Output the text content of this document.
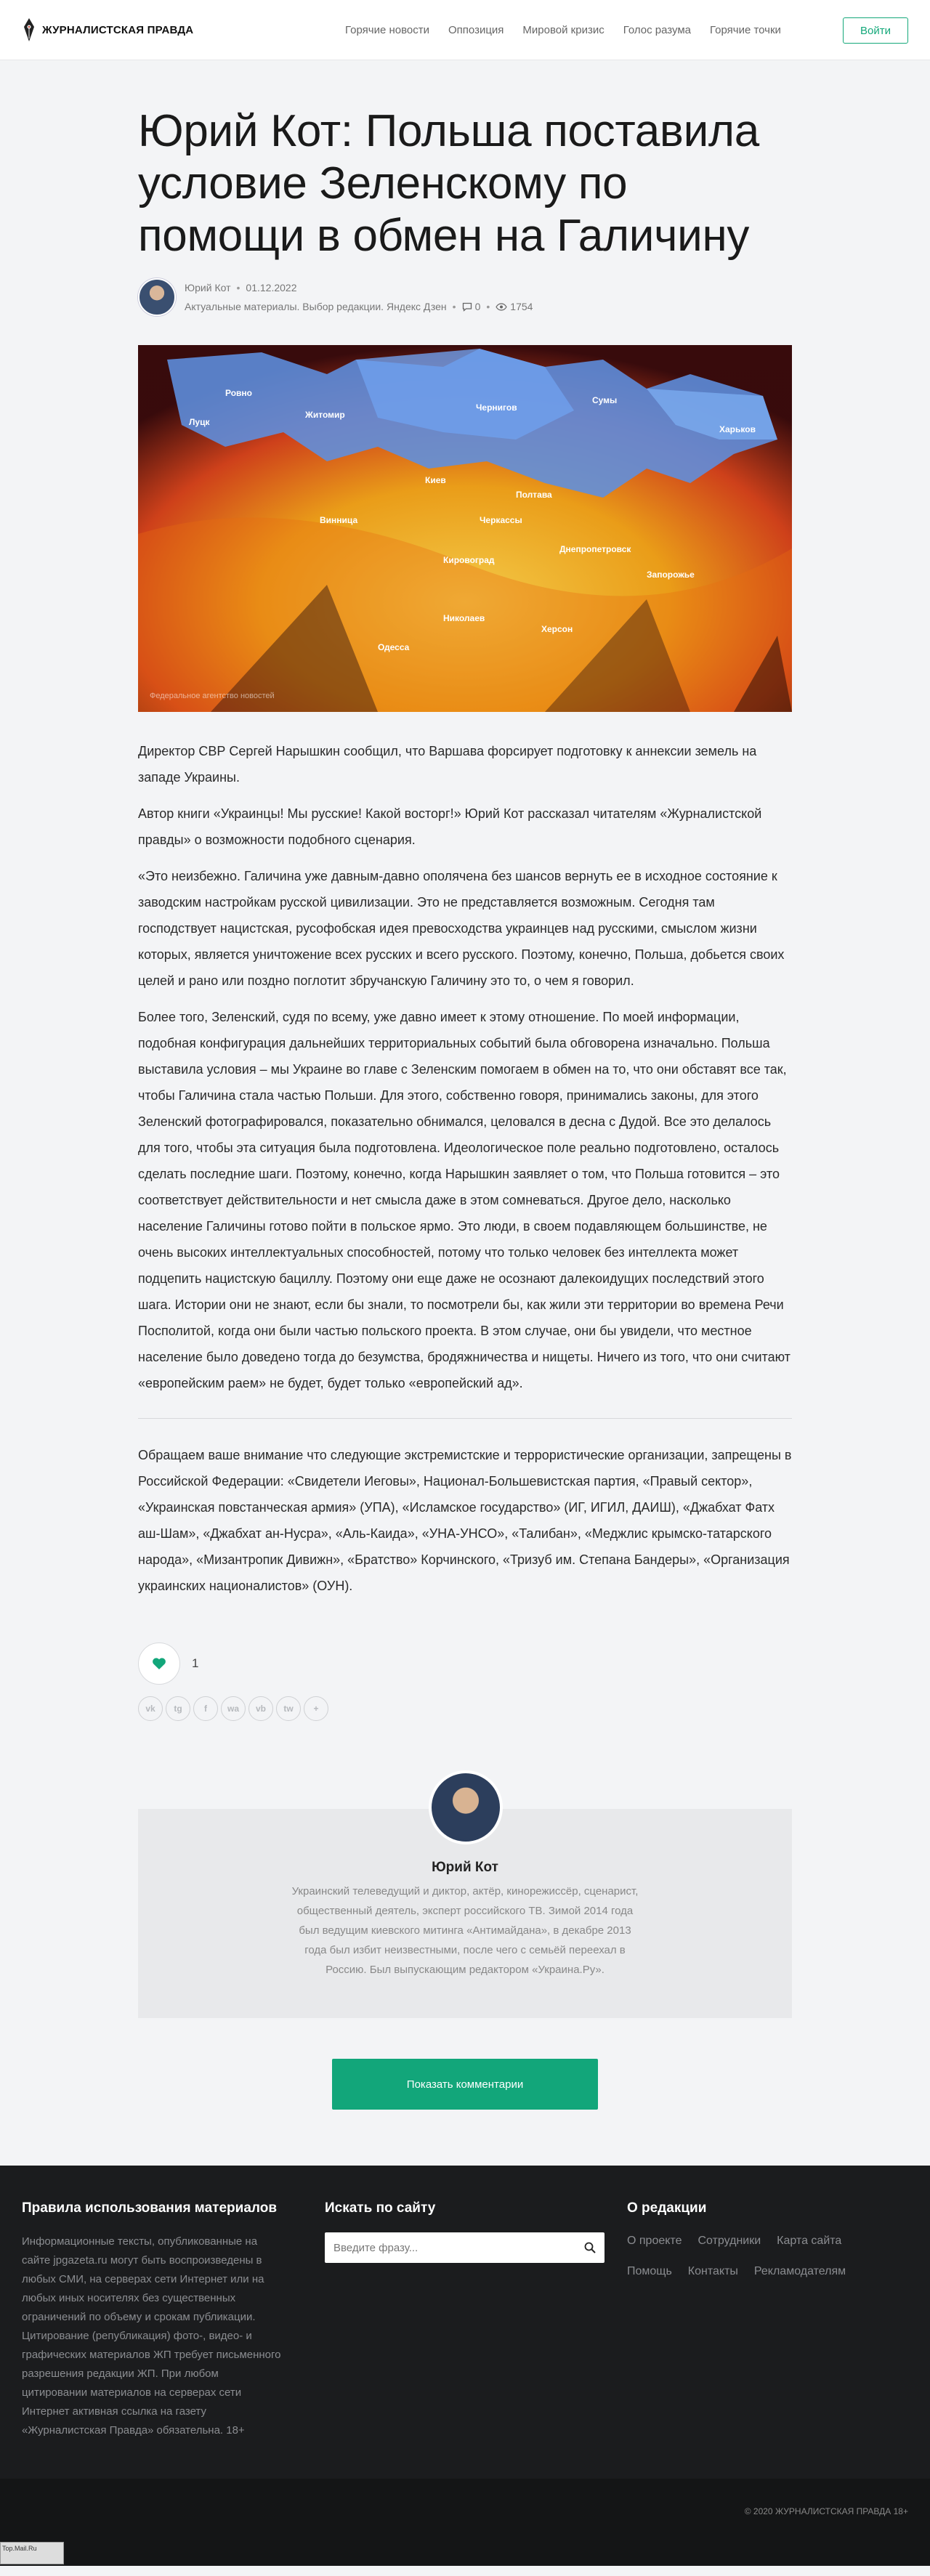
ЖУРНАЛИСТСКАЯ ПРАВДА	Горячие новости Оппозиция Мировой кризис Голос разума Горячие точки	Войти
Юрий Кот: Польша поставила условие Зеленскому по помощи в обмен на Галичину
Юрий Кот • 01.12.2022
Актуальные материалы. Выбор редакции. Яндекс Дзен • 0 • 1754
Луцк
Ровно
Житомир
Чернигов
Сумы
Харьков
Киев
Полтава
Черкассы
Винница
Кировоград
Днепропетровск
Запорожье
Николаев
Херсон
Одесса
Федеральное агентство новостей

Директор СВР Сергей Нарышкин сообщил, что Варшава форсирует подготовку к аннексии земель на западе Украины.

Автор книги «Украинцы! Мы русские! Какой восторг!» Юрий Кот рассказал читателям «Журналистской правды» о возможности подобного сценария.

«Это неизбежно. Галичина уже давным-давно ополячена без шансов вернуть ее в исходное состояние к заводским настройкам русской цивилизации. Это не представляется возможным. Сегодня там господствует нацистская, русофобская идея превосходства украинцев над русскими, смыслом жизни которых, является уничтожение всех русских и всего русского. Поэтому, конечно, Польша, добьется своих целей и рано или поздно поглотит збручанскую Галичину это то, о чем я говорил.

Более того, Зеленский, судя по всему, уже давно имеет к этому отношение. По моей информации, подобная конфигурация дальнейших территориальных событий была обговорена изначально. Польша выставила условия – мы Украине во главе с Зеленским помогаем в обмен на то, что они обставят все так, чтобы Галичина стала частью Польши. Для этого, собственно говоря, принимались законы, для этого Зеленский фотографировался, показательно обнимался, целовался в десна с Дудой. Все это делалось для того, чтобы эта ситуация была подготовлена. Идеологическое поле реально подготовлено, осталось сделать последние шаги. Поэтому, конечно, когда Нарышкин заявляет о том, что Польша готовится – это соответствует действительности и нет смысла даже в этом сомневаться. Другое дело, насколько население Галичины готово пойти в польское ярмо. Это люди, в своем подавляющем большинстве, не очень высоких интеллектуальных способностей, потому что только человек без интеллекта может подцепить нацистскую бациллу. Поэтому они еще даже не осознают далекоидущих последствий этого шага. Истории они не знают, если бы знали, то посмотрели бы, как жили эти территории во времена Речи Посполитой, когда они были частью польского проекта. В этом случае, они бы увидели, что местное население было доведено тогда до безумства, бродяжничества и нищеты. Ничего из того, что они считают «европейским раем» не будет, будет только «европейский ад».

Обращаем ваше внимание что следующие экстремистские и террористические организации, запрещены в Российской Федерации: «Свидетели Иеговы», Национал-Большевистская партия, «Правый сектор», «Украинская повстанческая армия» (УПА), «Исламское государство» (ИГ, ИГИЛ, ДАИШ), «Джабхат Фатх аш-Шам», «Джабхат ан-Нусра», «Аль-Каида», «УНА-УНСО», «Талибан», «Меджлис крымско-татарского народа», «Мизантропик Дивижн», «Братство» Корчинского, «Тризуб им. Степана Бандеры», «Организация украинских националистов» (ОУН).

1
vk	tg	f	wa	vb	tw	+
Юрий Кот
Украинский телеведущий и диктор, актёр, кинорежиссёр, сценарист, общественный деятель, эксперт российского ТВ. Зимой 2014 года был ведущим киевского митинга «Антимайдана», в декабре 2013 года был избит неизвестными, после чего с семьёй переехал в Россию. Был выпускающим редактором «Украина.Ру».
Показать комментарии
Правила использования материалов
Информационные тексты, опубликованные на сайте jpgazeta.ru могут быть воспроизведены в любых СМИ, на серверах сети Интернет или на любых иных носителях без существенных ограничений по объему и срокам публикации. Цитирование (републикация) фото-, видео- и графических материалов ЖП требует письменного разрешения редакции ЖП. При любом цитировании материалов на серверах сети Интернет активная ссылка на газету «Журналистская Правда» обязательна. 18+
Искать по сайту
Введите фразу...	О редакции
О проекте Сотрудники Карта сайта
Помощь Контакты Рекламодателям
© 2020 ЖУРНАЛИСТСКАЯ ПРАВДА 18+
Top.Mail.Ru
